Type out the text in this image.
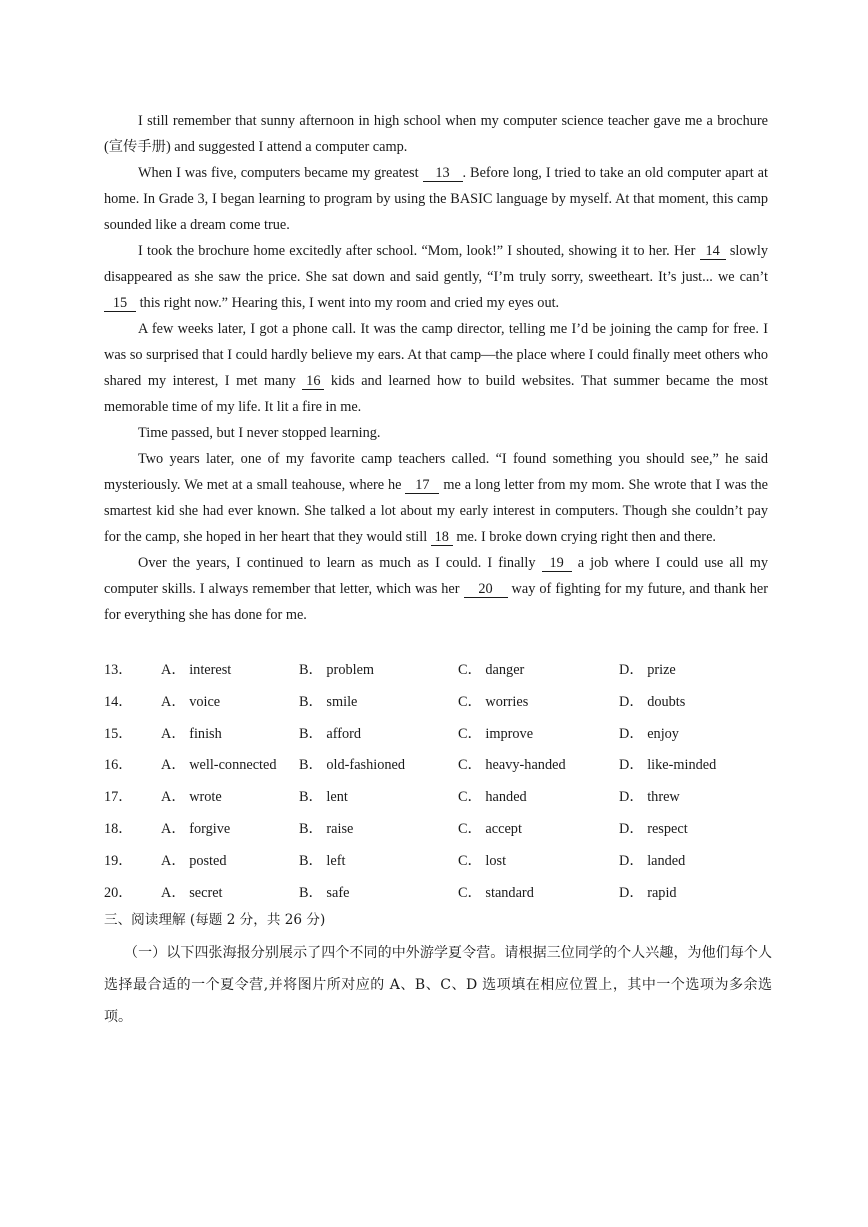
I still remember that sunny afternoon in high school when my computer science teacher gave me a brochure (宣传手册) and suggested I attend a computer camp.

When I was five, computers became my greatest 13 . Before long, I tried to take an old computer apart at home. In Grade 3, I began learning to program by using the BASIC language by myself. At that moment, this camp sounded like a dream come true.

I took the brochure home excitedly after school. “Mom, look!” I shouted, showing it to her. Her 14 slowly disappeared as she saw the price. She sat down and said gently, “I’m truly sorry, sweetheart. It’s just... we can’t 15 this right now.” Hearing this, I went into my room and cried my eyes out.

A few weeks later, I got a phone call. It was the camp director, telling me I’d be joining the camp for free. I was so surprised that I could hardly believe my ears. At that camp—the place where I could finally meet others who shared my interest, I met many 16 kids and learned how to build websites. That summer became the most memorable time of my life. It lit a fire in me.

Time passed, but I never stopped learning.

Two years later, one of my favorite camp teachers called. “I found something you should see,” he said mysteriously. We met at a small teahouse, where he 17 me a long letter from my mom. She wrote that I was the smartest kid she had ever known. She talked a lot about my early interest in computers. Though she couldn’t pay for the camp, she hoped in her heart that they would still 18 me. I broke down crying right then and there.

Over the years, I continued to learn as much as I could. I finally 19 a job where I could use all my computer skills. I always remember that letter, which was her 20 way of fighting for my future, and thank her for everything she has done for me.

13． A． interest	B． problem	C． danger	D． prize
14． A． voice	B． smile	C． worries	D． doubts
15． A． finish	B． afford	C． improve	D． enjoy
16． A． well-connected B． old-fashioned	C． heavy-handed	D． like-minded
17． A． wrote	B． lent	C． handed	D． threw
18． A． forgive	B． raise	C． accept	D． respect
19． A． posted	B． left	C． lost	D． landed
20． A． secret	B． safe	C． standard	D． rapid
三、阅读理解 (每题 2 分，共 26 分)
（一）以下四张海报分别展示了四个不同的中外游学夏令营。请根据三位同学的个人兴趣，为他们每个人选择最合适的一个夏令营,并将图片所对应的 A、B、C、D 选项填在相应位置上，其中一个选项为多余选项。
